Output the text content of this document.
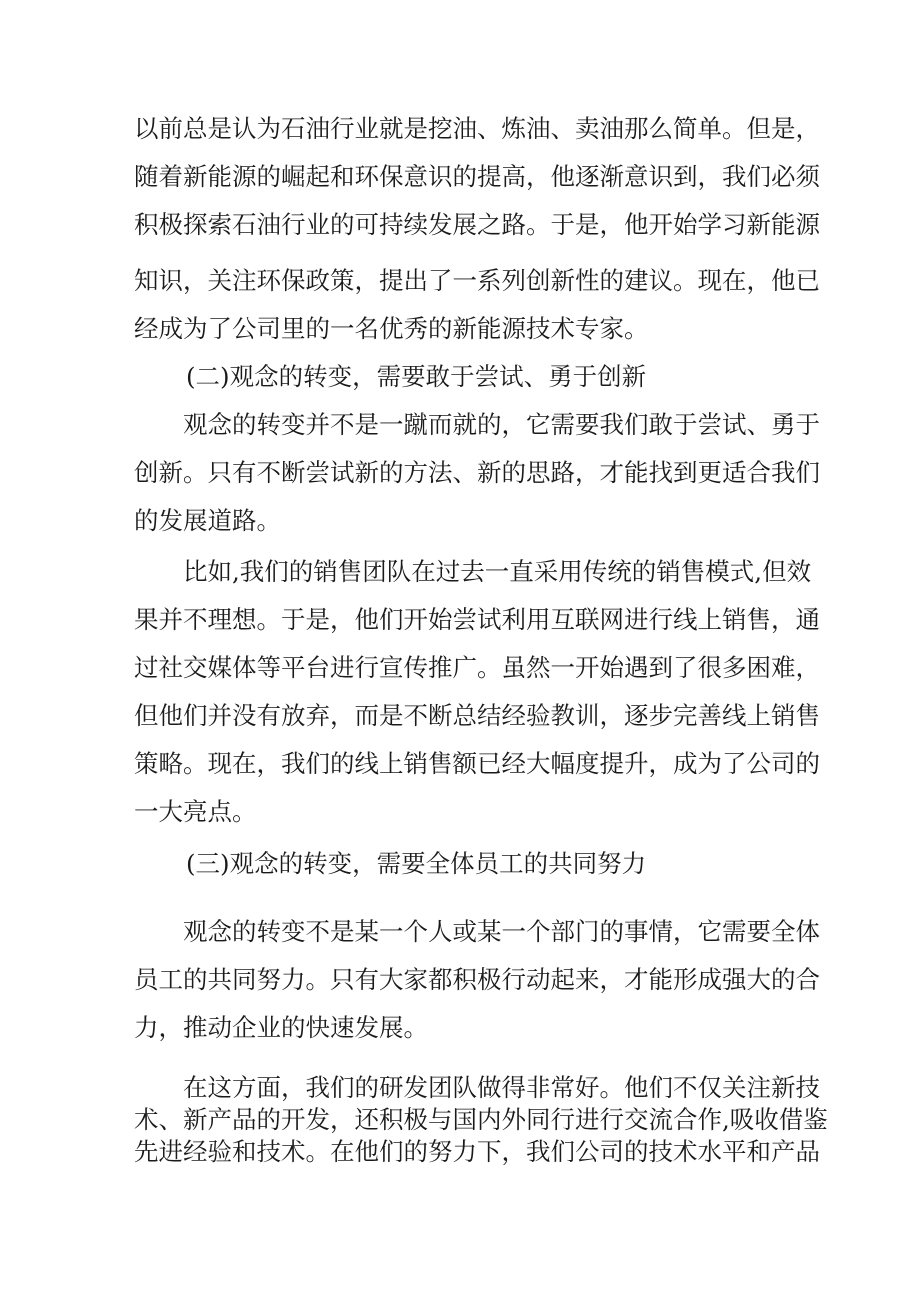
以前总是认为石油行业就是挖油、炼油、卖油那么简单。但是，
随着新能源的崛起和环保意识的提高，他逐渐意识到，我们必须
积极探索石油行业的可持续发展之路。于是，他开始学习新能源
知识，关注环保政策，提出了一系列创新性的建议。现在，他已
经成为了公司里的一名优秀的新能源技术专家。
(二)观念的转变，需要敢于尝试、勇于创新
观念的转变并不是一蹴而就的，它需要我们敢于尝试、勇于
创新。只有不断尝试新的方法、新的思路，才能找到更适合我们
的发展道路。
比如,我们的销售团队在过去一直采用传统的销售模式,但效
果并不理想。于是，他们开始尝试利用互联网进行线上销售，通
过社交媒体等平台进行宣传推广。虽然一开始遇到了很多困难，
但他们并没有放弃，而是不断总结经验教训，逐步完善线上销售
策略。现在，我们的线上销售额已经大幅度提升，成为了公司的
一大亮点。
(三)观念的转变，需要全体员工的共同努力
观念的转变不是某一个人或某一个部门的事情，它需要全体
员工的共同努力。只有大家都积极行动起来，才能形成强大的合
力，推动企业的快速发展。
在这方面，我们的研发团队做得非常好。他们不仅关注新技
术、新产品的开发，还积极与国内外同行进行交流合作,吸收借鉴
先进经验和技术。在他们的努力下，我们公司的技术水平和产品
